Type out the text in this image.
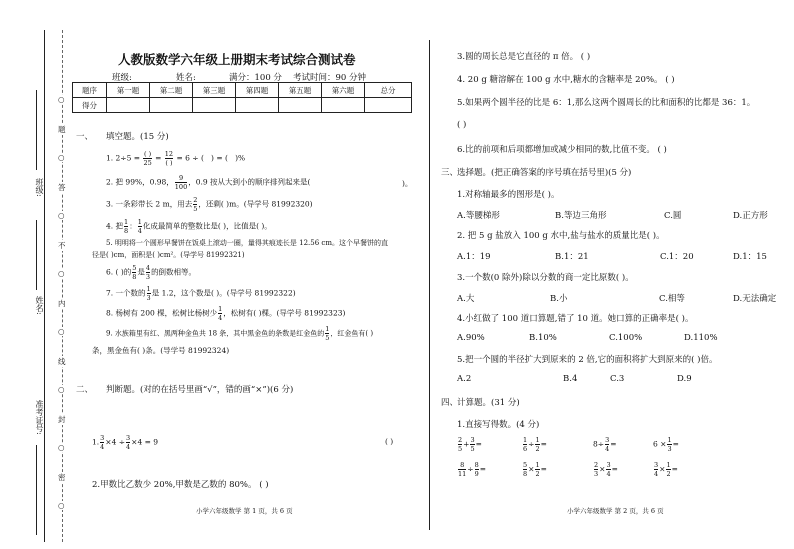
班级:
姓名:
准考证号:
○
题
○
答
○
不
○
内
○
线
○
封
○
密
○
人教版数学六年级上册期末考试综合测试卷
班级:	姓名:	满分：100 分 考试时间：90 分钟
题序	第一题	第二题	第三题	第四题	第五题	第六题	总分
得分							
一、 填空题。(15 分)
1. $2\div 5 = \frac{( )}{25} = \frac{12}{( )} = 6$ ÷ ( ) = ( )%
2. 把 99%，0.98， $\frac{9}{100}$ ，0.9 按从大到小的顺序排列起来是(	)。
3. 一条彩带长 2 m，用去 $\frac{2}{5}$ ，还剩( )m。(导学号 81992320)
4. 把 $\frac{1}{8}$ ： $\frac{1}{4}$ 化成最简单的整数比是( )，比值是( )。
5. 明明将一个圆形早餐饼在饭桌上滚动一圈，量得其痕迹长是 12.56 cm。这个早餐饼的直
径是( )cm，面积是( )cm²。(导学号 81992321)
6. ( )的 $\frac{5}{8}$ 是 $\frac{4}{3}$ 的倒数相等。
7. 一个数的 $\frac{1}{3}$ 是 1.2，这个数是( )。(导学号 81992322)
8. 杨树有 200 棵，松树比杨树少 $\frac{1}{4}$ ，松树有( )棵。(导学号 81992323)
9. 水族箱里有红、黑两种金鱼共 18 条，其中黑金鱼的条数是红金鱼的 $\frac{1}{5}$ ，红金鱼有( )
条，黑金鱼有( )条。(导学号 81992324)
二、 判断题。(对的在括号里画“√”，错的画“×”)(6 分)
1. $\frac{3}{4} \times 4 \div \frac{3}{4} \times 4 = 9$	( )
2.甲数比乙数少 20%,甲数是乙数的 80%。 ( )
小学六年级数学 第 1 页，共 6 页
3.圆的周长总是它直径的 π 倍。 ( )
4. 20 g 糖溶解在 100 g 水中,糖水的含糖率是 20%。 ( )
5.如果两个圆半径的比是 6：1,那么这两个圆周长的比和面积的比都是 36：1。
( )
6.比的前项和后项都增加或减少相同的数,比值不变。 ( )
三、
选择题。(把正确答案的序号填在括号里)(5 分)
1.对称轴最多的图形是( )。
A.等腰梯形	B.等边三角形	C.圆	D.正方形
2. 把 5 g 盐放入 100 g 水中,盐与盐水的质量比是( )。
A.1：19	B.1：21	C.1：20	D.1：15
3.一个数(0 除外)除以分数的商一定比原数( )。
A.大	B.小	C.相等	D.无法确定
4.小红做了 100 道口算题,错了 10 道。她口算的正确率是( )。
A.90%	B.10%	C.100%	D.110%
5.把一个圆的半径扩大到原来的 2 倍,它的面积将扩大到原来的( )倍。
A.2	B.4	C.3	D.9
四、
计算题。(31 分)
1.直接写得数。(4 分)
$\frac{2}{5} + \frac{3}{5}$ =	$\frac{1}{6} \div \frac{1}{2}$ =	$8\div \frac{3}{4}$ =	$6 \times \frac{1}{3}$ =
$\frac{8}{11} \div \frac{8}{9}$ =	$\frac{5}{8} \times \frac{1}{2}$ =	$\frac{2}{3} \times \frac{3}{4}$ =	$\frac{3}{4} \times \frac{1}{2}$ =
小学六年级数学 第 2 页，共 6 页
